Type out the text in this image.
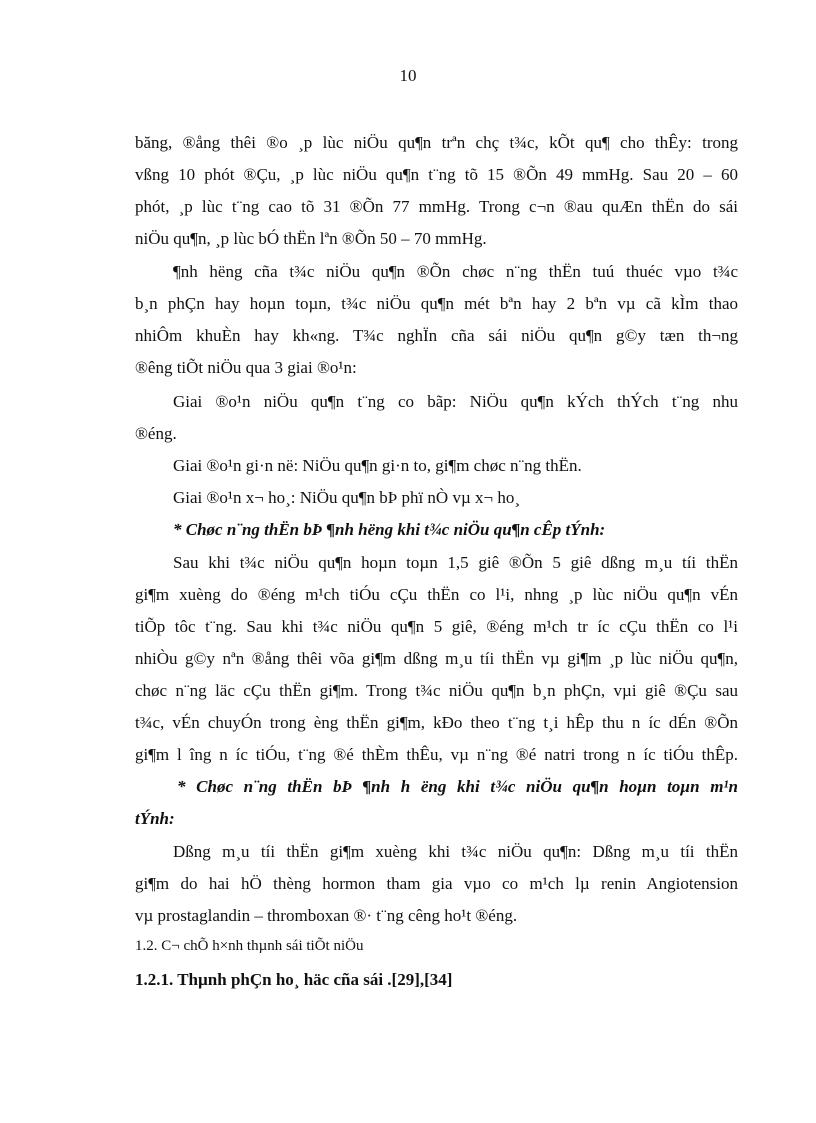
10
băng, ®ång thêi ®o ¸p lùc niÖu qu¶n trªn chç t¾c, kÕt qu¶ cho thÊy: trong
vßng 10 phót ®Çu, ¸p lùc niÖu qu¶n t¨ng tõ 15 ®Õn 49 mmHg. Sau 20 – 60
phót, ¸p lùc t¨ng cao tõ 31 ®Õn 77 mmHg. Trong c¬n ®au quÆn thËn do sái
niÖu qu¶n, ¸p lùc bÓ thËn lªn ®Õn 50 – 70 mmHg.
¶nh hëng cña t¾c niÖu qu¶n ®Õn chøc n¨ng thËn tuú thuéc vµo t¾c
b¸n phÇn hay hoµn toµn, t¾c niÖu qu¶n mét bªn hay 2 bªn vµ cã kÌm thao
nhiÔm khuÈn hay kh«ng. T¾c nghÏn cña sái niÖu qu¶n g©y tæn th¬ng
®êng tiÕt niÖu qua 3 giai ®o¹n:
Giai ®o¹n niÖu qu¶n t¨ng co bãp: NiÖu qu¶n kÝch thÝch t¨ng nhu
®éng.
Giai ®o¹n gi·n në: NiÖu qu¶n gi·n to, gi¶m chøc n¨ng thËn.
Giai ®o¹n x¬ ho¸: NiÖu qu¶n bÞ phï nÒ vµ x¬ ho¸
* Chøc n¨ng thËn bÞ ¶nh hëng khi t¾c niÖu qu¶n cÊp tÝnh:
Sau khi t¾c niÖu qu¶n hoµn toµn 1,5 giê ®Õn 5 giê dßng m¸u tíi thËn
gi¶m xuèng do ®éng m¹ch tiÓu cÇu thËn co l¹i, nhng ¸p lùc niÖu qu¶n vÉn
tiÕp tôc t¨ng. Sau khi t¾c niÖu qu¶n 5 giê, ®éng m¹ch tr íc cÇu thËn co l¹i
nhiÒu g©y nªn ®ång thêi võa gi¶m dßng m¸u tíi thËn vµ gi¶m ¸p lùc niÖu qu¶n,
chøc n¨ng läc cÇu thËn gi¶m. Trong t¾c niÖu qu¶n b¸n phÇn, vµi giê ®Çu sau
t¾c, vÉn chuyÓn trong èng thËn gi¶m, kÐo theo t¨ng t¸i hÊp thu n íc dÉn ®Õn
gi¶m l îng n íc tiÓu, t¨ng ®é thÈm thÊu, vµ n¨ng ®é natri trong n íc tiÓu thÊp.
* Chøc n¨ng thËn bÞ ¶nh h ëng khi t¾c niÖu qu¶n hoµn toµn m¹n
tÝnh:
Dßng m¸u tíi thËn gi¶m xuèng khi t¾c niÖu qu¶n: Dßng m¸u tíi thËn
gi¶m do hai hÖ thèng hormon tham gia vµo co m¹ch lµ renin Angiotension
vµ prostaglandin – thromboxan ®· t¨ng cêng ho¹t ®éng.
1.2. C¬ chÕ h×nh thµnh sái tiÕt niÖu
1.2.1. Thµnh phÇn ho¸ häc cña sái .[29],[34]
